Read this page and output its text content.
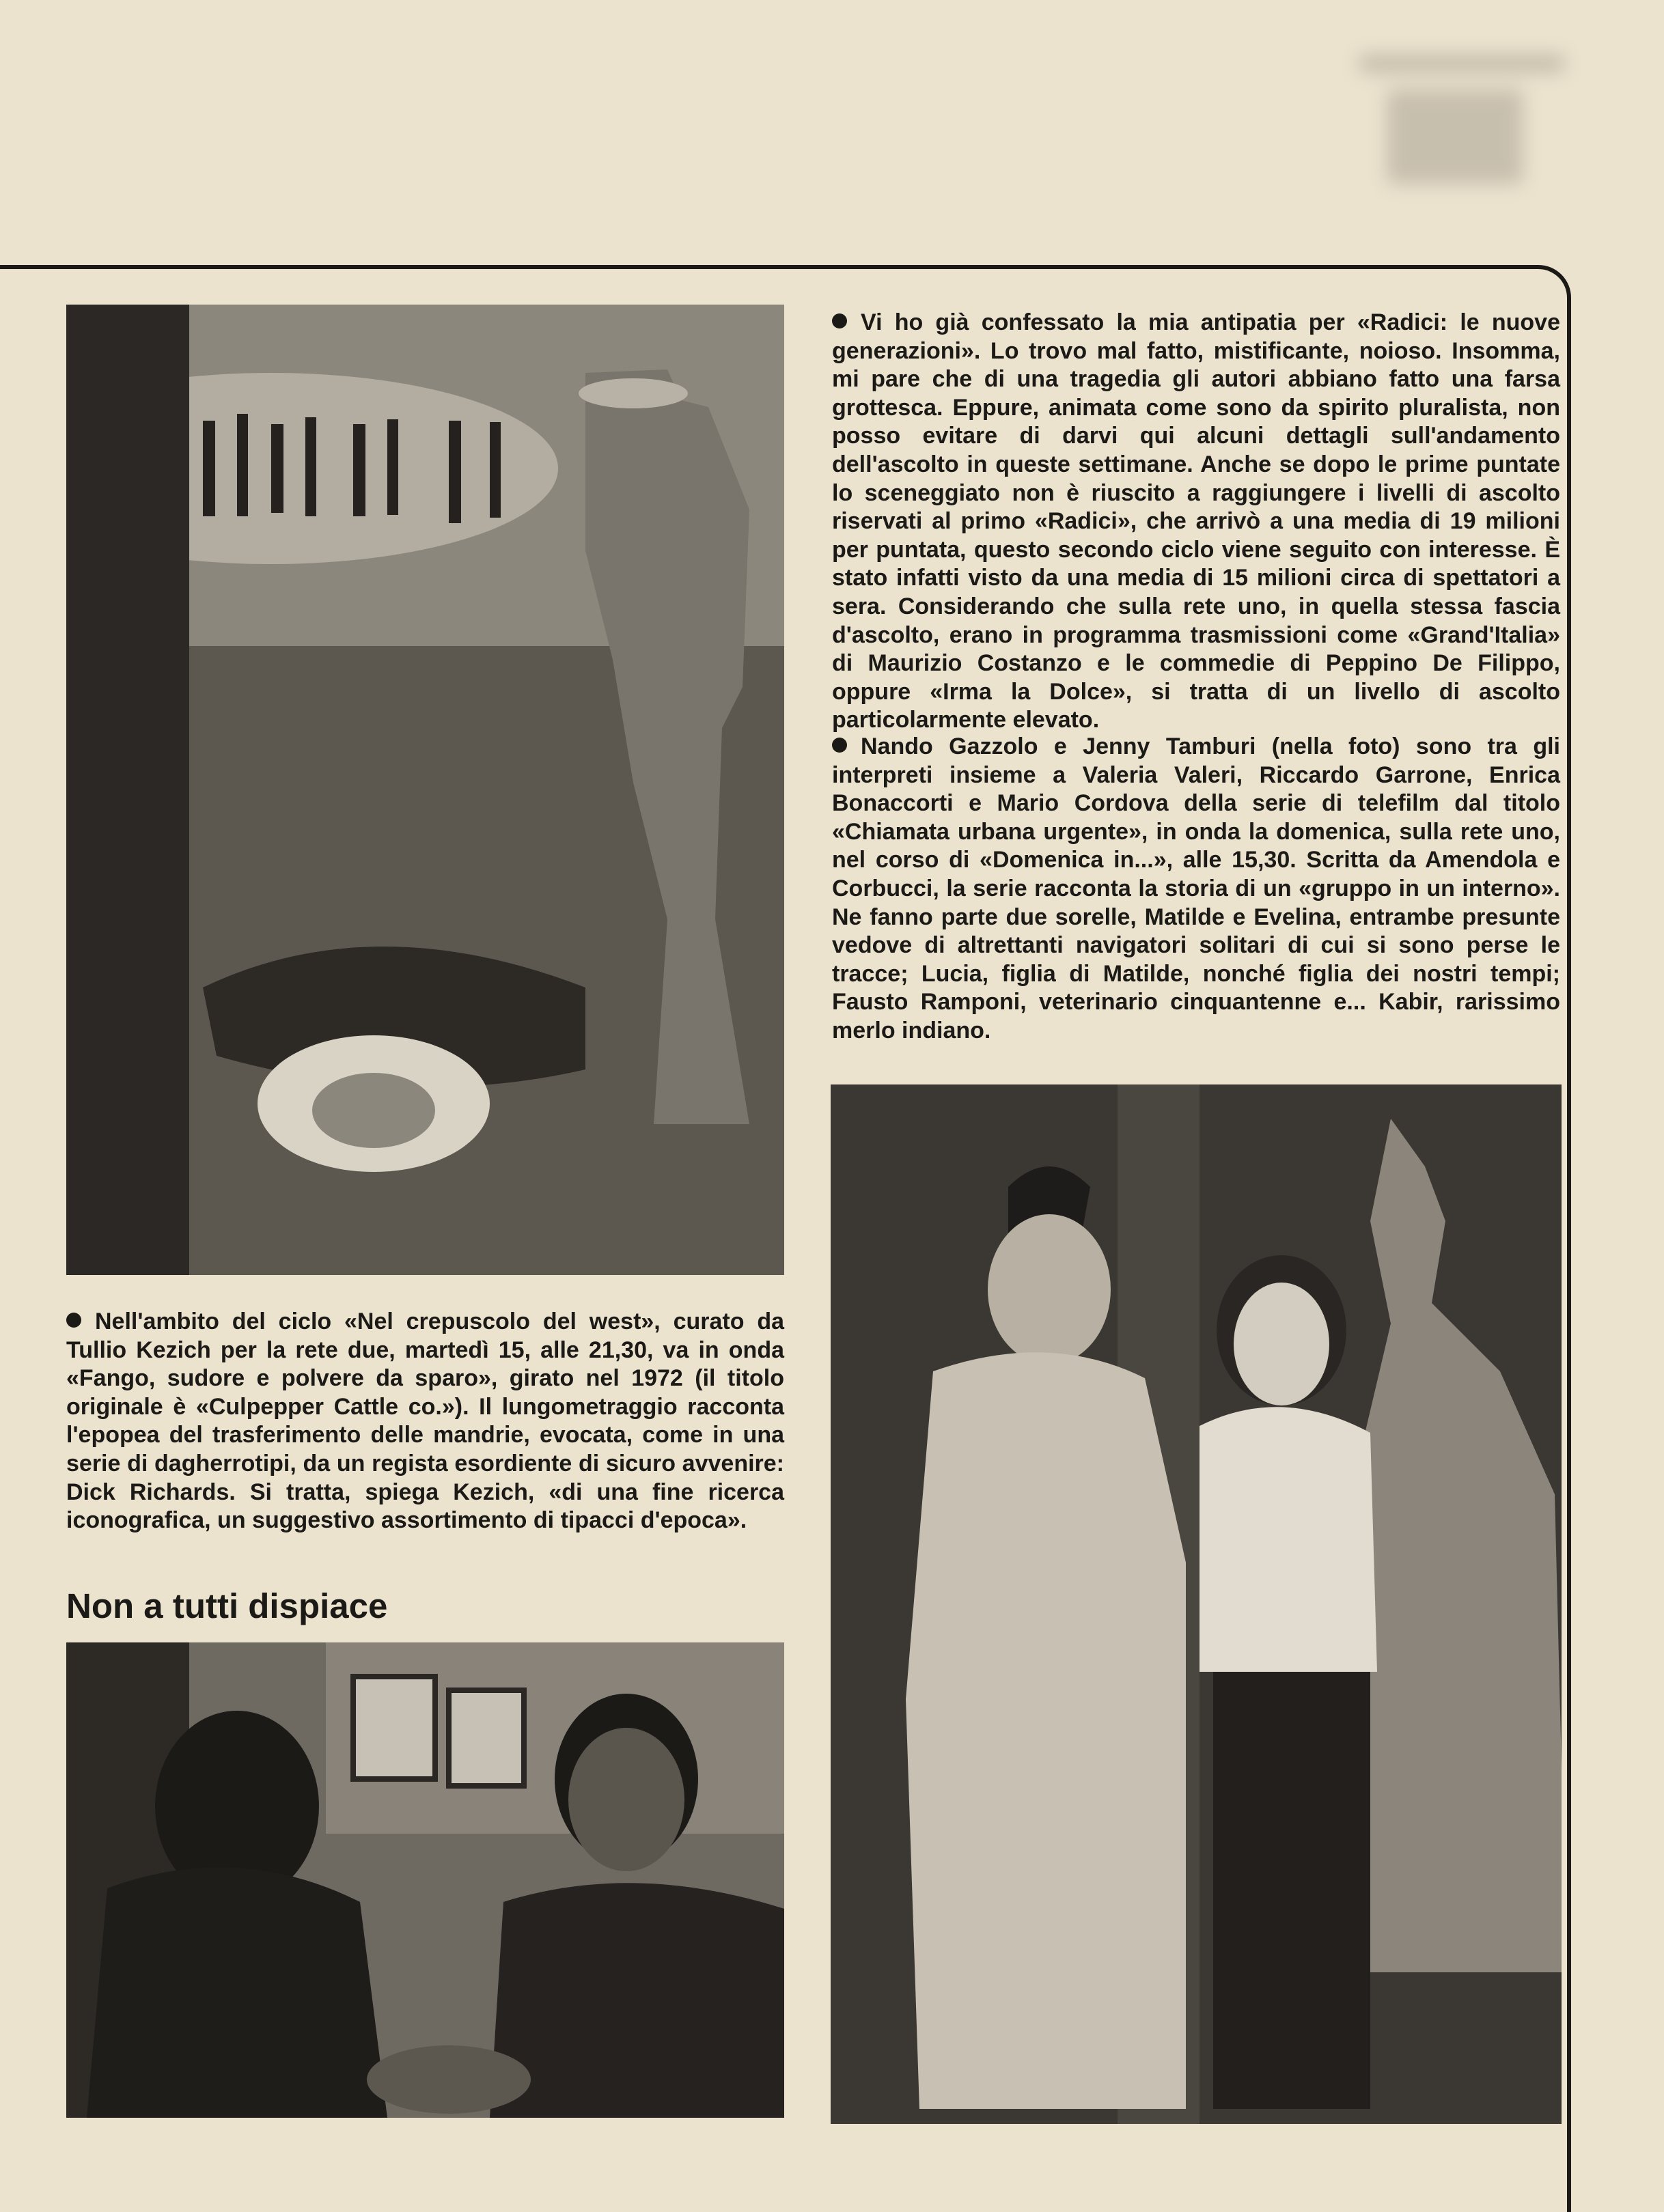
Vi ho già confessato la mia antipatia per «Radici: le nuove generazioni». Lo trovo mal fatto, mistificante, noioso. Insomma, mi pare che di una tragedia gli autori abbiano fatto una farsa grottesca. Eppure, animata come sono da spirito pluralista, non posso evitare di darvi qui alcuni dettagli sull'andamento dell'ascolto in queste settimane. Anche se dopo le prime puntate lo sceneggiato non è riuscito a raggiungere i livelli di ascolto riservati al primo «Radici», che arrivò a una media di 19 milioni per puntata, questo secondo ciclo viene seguito con interesse. È stato infatti visto da una media di 15 milioni circa di spettatori a sera. Considerando che sulla rete uno, in quella stessa fascia d'ascolto, erano in programma trasmissioni come «Grand'Italia» di Maurizio Costanzo e le commedie di Peppino De Filippo, oppure «Irma la Dolce», si tratta di un livello di ascolto particolarmente elevato.

Nando Gazzolo e Jenny Tamburi (nella foto) sono tra gli interpreti insieme a Valeria Valeri, Riccardo Garrone, Enrica Bonaccorti e Mario Cordova della serie di telefilm dal titolo «Chiamata urbana urgente», in onda la domenica, sulla rete uno, nel corso di «Domenica in...», alle 15,30. Scritta da Amendola e Corbucci, la serie racconta la storia di un «gruppo in un interno». Ne fanno parte due sorelle, Matilde e Evelina, entrambe presunte vedove di altrettanti navigatori solitari di cui si sono perse le tracce; Lucia, figlia di Matilde, nonché figlia dei nostri tempi; Fausto Ramponi, veterinario cinquantenne e... Kabir, rarissimo merlo indiano.

Nell'ambito del ciclo «Nel crepuscolo del west», curato da Tullio Kezich per la rete due, martedì 15, alle 21,30, va in onda «Fango, sudore e polvere da sparo», girato nel 1972 (il titolo originale è «Culpepper Cattle co.»). Il lungometraggio racconta l'epopea del trasferimento delle mandrie, evocata, come in una serie di dagherrotipi, da un regista esordiente di sicuro avvenire: Dick Richards. Si tratta, spiega Kezich, «di una fine ricerca iconografica, un suggestivo assortimento di tipacci d'epoca».

Non a tutti dispiace
